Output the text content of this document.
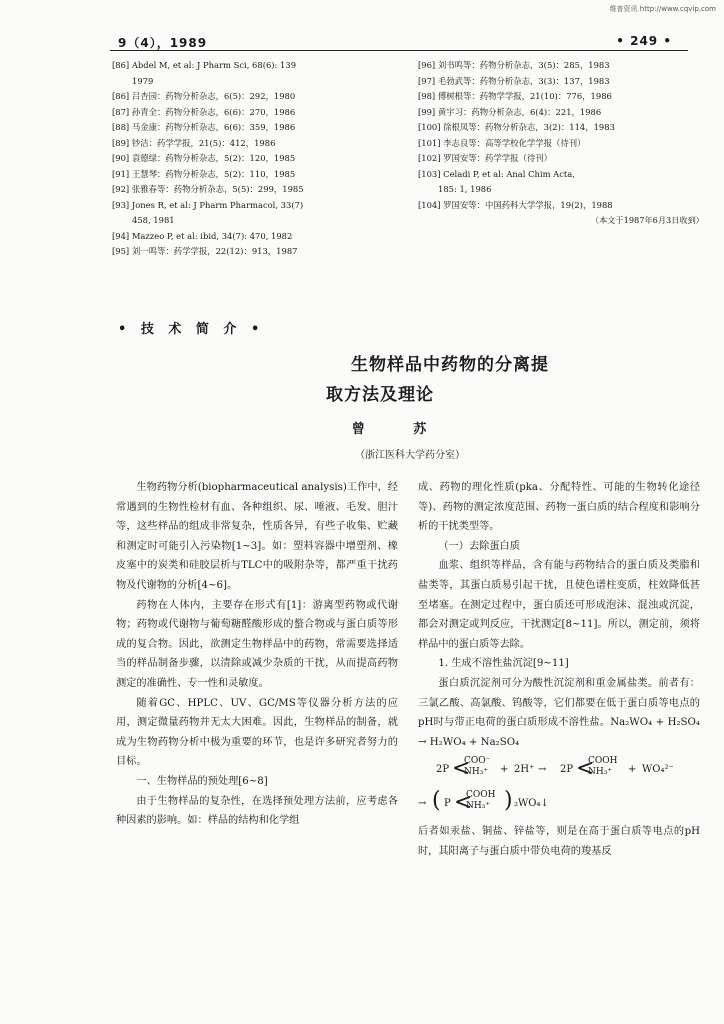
维普资讯 http://www.cqvip.com
9（4），1989	• 249 •
[86] Abdel M, et al: J Pharm Sci, 68(6): 139
1979
[86] 吕杏园：药物分析杂志，6(5)：292，1980
[87] 孙青全：药物分析杂志，6(6)：270，1986
[88] 马金康：药物分析杂志，6(6)：359，1986
[89] 钞洁：药学学报，21(5)：412，1986
[90] 袁德绿：药物分析杂志，5(2)：120，1985
[91] 王慧琴：药物分析杂志，5(2)：110，1985
[92] 张雅春等：药物分析杂志，5(5)：299，1985
[93] Jones R, et al: J Pharm Pharmacol, 33(7)
458, 1981
[94] Mazzeo P, et al: ibid, 34(7): 470, 1982
[95] 刘一鸣等：药学学报，22(12)：913，1987
[96] 刘书鸣等：药物分析杂志，3(5)：285，1983
[97] 毛勃武等：药物分析杂志，3(3)：137，1983
[98] 傅树根等：药物学学报，21(10)：776，1986
[99] 黄宇习：药物分析杂志，6(4)：221，1986
[100] 徐根凤等：药物分析杂志，3(2)：114，1983
[101] 李志良等：高等学校化学学报（待刊）
[102] 罗国安等：药学学报（待刊）
[103] Celadi P, et al: Anal Chim Acta,
185: 1, 1986
[104] 罗国安等：中国药科大学学报，19(2)，1988
（本文于1987年6月3日收到）
• 技 术 简 介 •
生物样品中药物的分离提
取方法及理论
曾 苏
（浙江医科大学药分室）

生物药物分析(biopharmaceutical analysis)工作中，经常遇到的生物性检材有血、各种组织、尿、唾液、毛发、胆汁等，这些样品的组成非常复杂，性质各异，有些子收集、贮藏和测定时可能引入污染物[1~3]。如：塑料容器中增塑剂、橡皮塞中的炭类和硅胶层析与TLC中的吸附杂等，都严重干扰药物及代谢物的分析[4~6]。

药物在人体内，主要存在形式有[1]：游离型药物或代谢物；药物或代谢物与葡萄糖醛酸形成的螯合物或与蛋白质等形成的复合物。因此，欲测定生物样品中的药物，常需要选择适当的样品制备步骤，以清除或减少杂质的干扰，从而提高药物测定的准确性、专一性和灵敏度。

随着GC、HPLC、UV、GC/MS等仪器分析方法的应用，测定微量药物并无太大困难。因此，生物样品的制备，就成为生物药物分析中极为重要的环节，也是许多研究者努力的目标。

一、生物样品的预处理[6~8]

由于生物样品的复杂性，在选择预处理方法前，应考虑各种因素的影响。如：样品的结构和化学组

成、药物的理化性质(pka、分配特性、可能的生物转化途径等)、药物的测定浓度范围、药物一蛋白质的结合程度和影响分析的干扰类型等。

（一）去除蛋白质

血浆、组织等样品，含有能与药物结合的蛋白质及类脂和盐类等，其蛋白质易引起干扰，且使色谱柱变质，柱效降低甚至堵塞。在测定过程中，蛋白质还可形成泡沫、混浊或沉淀，都会对测定或判反应，干扰测定[8~11]。所以，测定前，须将样品中的蛋白质等去除。

1. 生成不溶性盐沉淀[9~11]

蛋白质沉淀剂可分为酸性沉淀剂和重金属盐类。前者有：三氯乙酸、高氯酸、钨酸等，它们都要在低于蛋白质等电点的pH时与带正电荷的蛋白质形成不溶性盐。Na₂WO₄ + H₂SO₄ → H₂WO₄ + Na₂SO₄

2P <
COO⁻
NH₃⁺ + 2H⁺ → 2P <
COOH
NH₃⁺	+ WO₄²⁻
→ ( P <
COOH
NH₃⁺ ) ₂WO₄↓

后者如汞盐、铜盐、锌盐等，则是在高于蛋白质等电点的pH时，其阳离子与蛋白质中带负电荷的羧基反
